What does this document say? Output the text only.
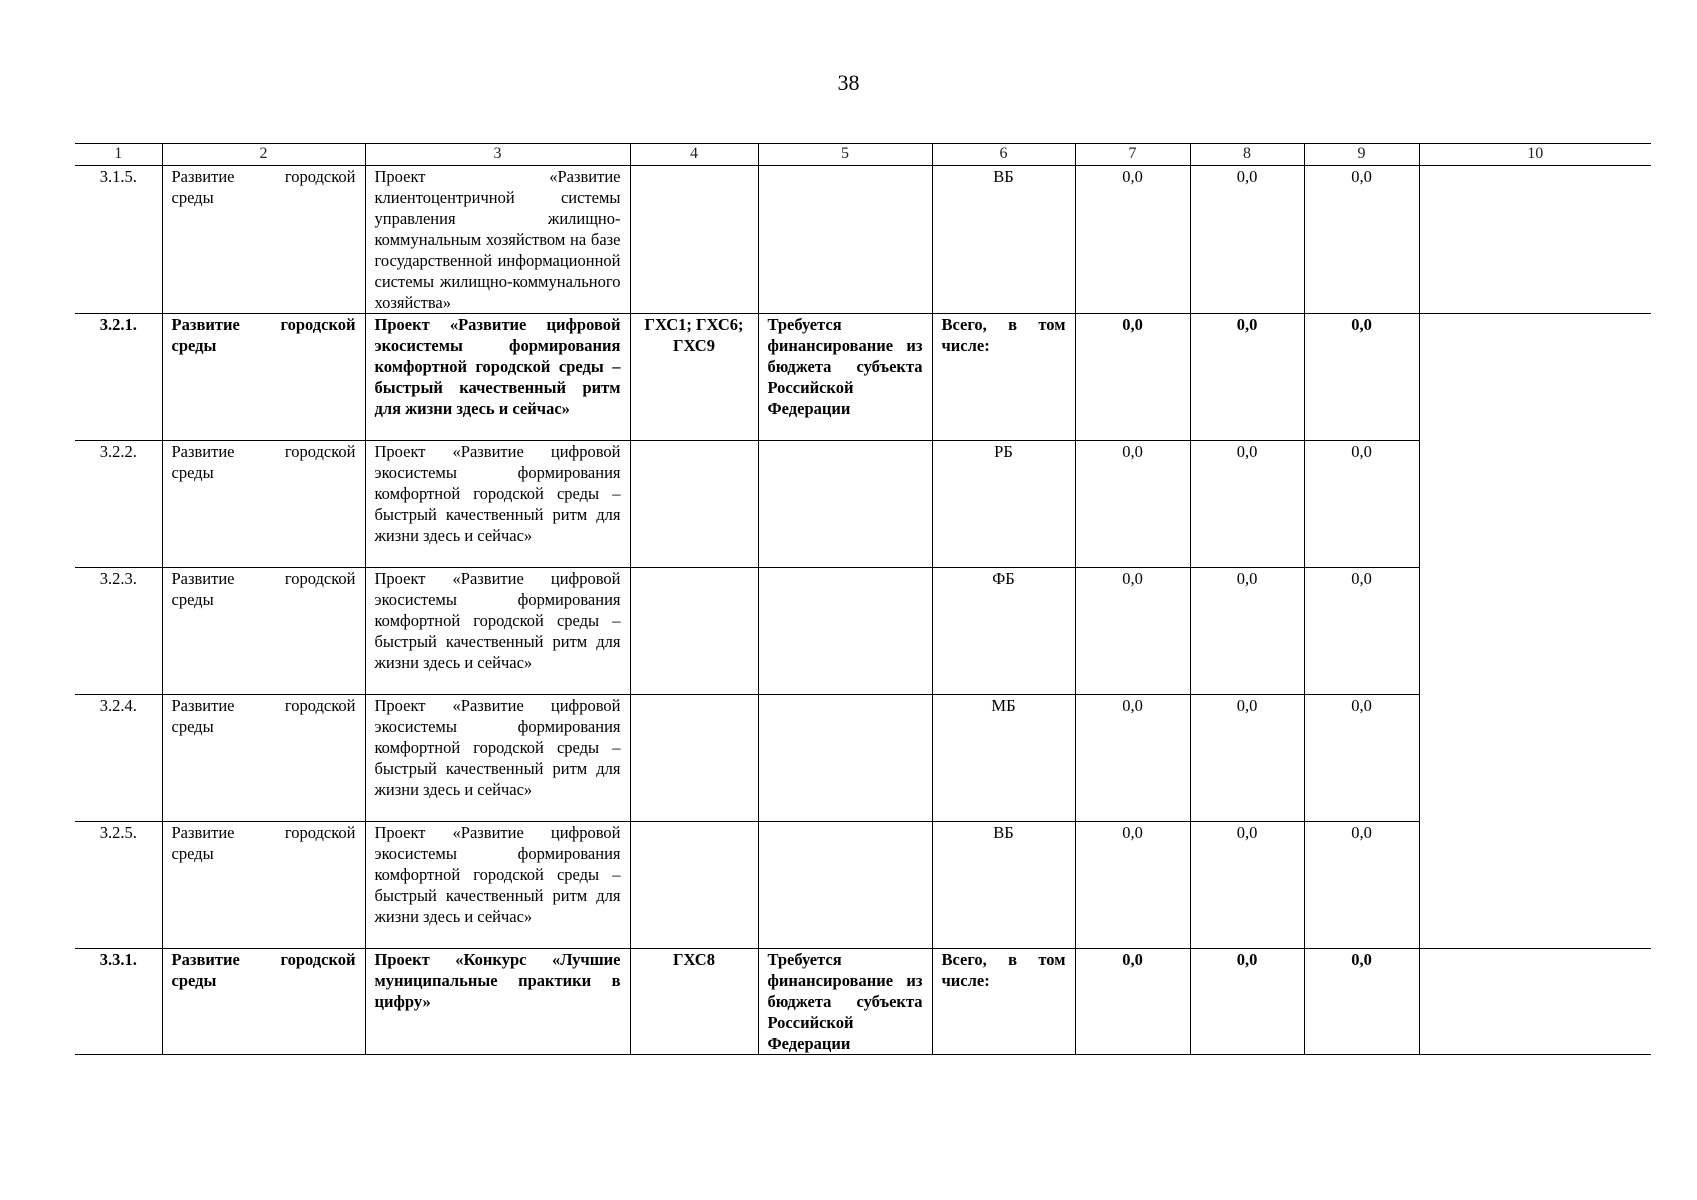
38
1	2	3	4	5	6	7	8	9	10
3.1.5.	Развитие городской среды	Проект «Развитие клиентоцентричной системы управления жилищно-коммунальным хозяйством на базе государственной информационной системы жилищно-коммунального хозяйства»			ВБ	0,0	0,0	0,0	
3.2.1.	Развитие городской среды	Проект «Развитие цифровой экосистемы формирования комфортной городской среды – быстрый качественный ритм для жизни здесь и сейчас»	ГХС1; ГХС6; ГХС9	Требуется финансирование из бюджета субъекта Российской Федерации	Всего, в том числе:	0,0	0,0	0,0	
3.2.2.	Развитие городской среды	Проект «Развитие цифровой экосистемы формирования комфортной городской среды – быстрый качественный ритм для жизни здесь и сейчас»			РБ	0,0	0,0	0,0	
3.2.3.	Развитие городской среды	Проект «Развитие цифровой экосистемы формирования комфортной городской среды – быстрый качественный ритм для жизни здесь и сейчас»			ФБ	0,0	0,0	0,0	
3.2.4.	Развитие городской среды	Проект «Развитие цифровой экосистемы формирования комфортной городской среды – быстрый качественный ритм для жизни здесь и сейчас»			МБ	0,0	0,0	0,0	
3.2.5.	Развитие городской среды	Проект «Развитие цифровой экосистемы формирования комфортной городской среды – быстрый качественный ритм для жизни здесь и сейчас»			ВБ	0,0	0,0	0,0	
3.3.1.	Развитие городской среды	Проект «Конкурс «Лучшие муниципальные практики в цифру»	ГХС8	Требуется финансирование из бюджета субъекта Российской Федерации	Всего, в том числе:	0,0	0,0	0,0	
